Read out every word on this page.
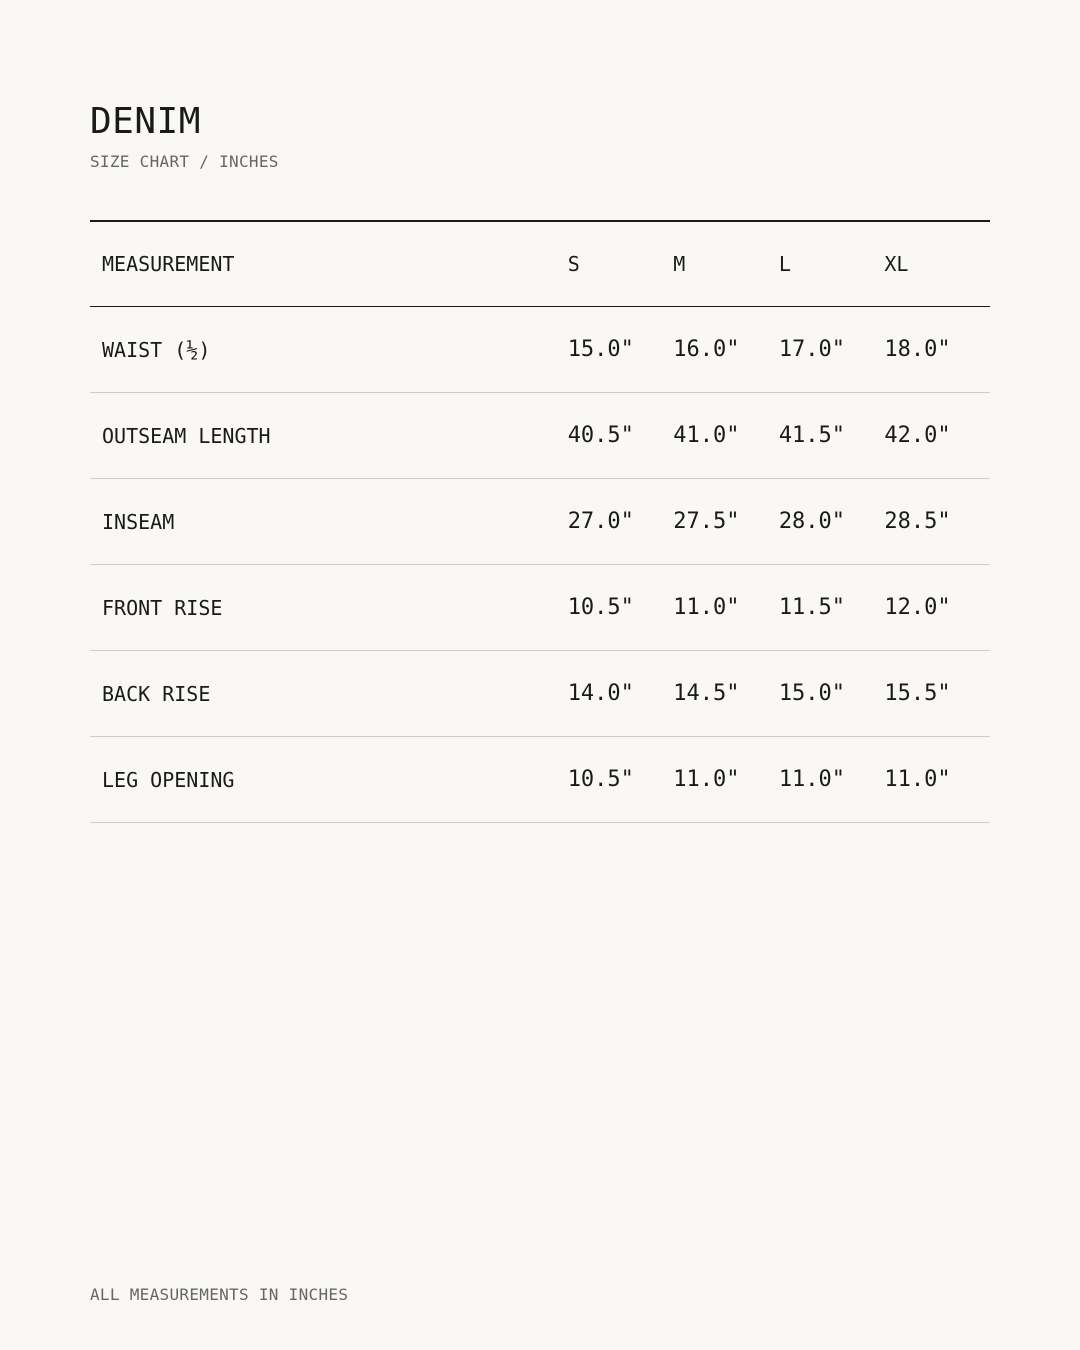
DENIM
SIZE CHART / INCHES
MEASUREMENT	S	M	L	XL
WAIST (½)	15.0"	16.0"	17.0"	18.0"
OUTSEAM LENGTH	40.5"	41.0"	41.5"	42.0"
INSEAM	27.0"	27.5"	28.0"	28.5"
FRONT RISE	10.5"	11.0"	11.5"	12.0"
BACK RISE	14.0"	14.5"	15.0"	15.5"
LEG OPENING	10.5"	11.0"	11.0"	11.0"
ALL MEASUREMENTS IN INCHES
